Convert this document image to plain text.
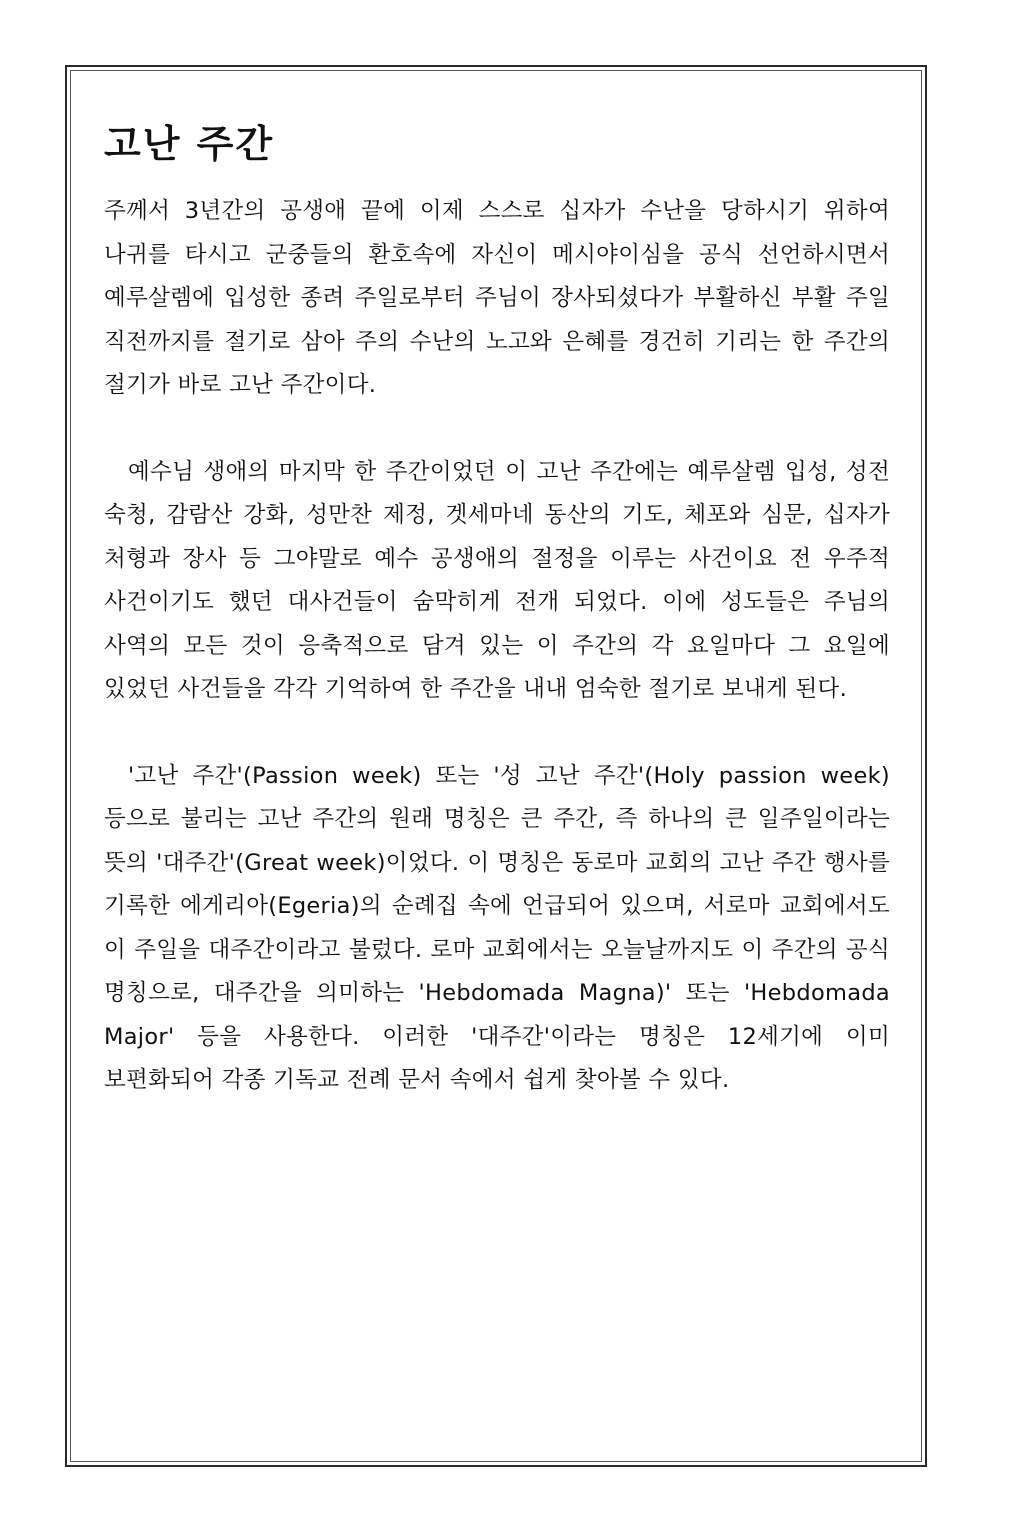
고난 주간

주께서 3년간의 공생애 끝에 이제 스스로 십자가 수난을 당하시기 위하여 나귀를 타시고 군중들의 환호속에 자신이 메시야이심을 공식 선언하시면서 예루살렘에 입성한 종려 주일로부터 주님이 장사되셨다가 부활하신 부활 주일 직전까지를 절기로 삼아 주의 수난의 노고와 은혜를 경건히 기리는 한 주간의 절기가 바로 고난 주간이다.

예수님 생애의 마지막 한 주간이었던 이 고난 주간에는 예루살렘 입성, 성전 숙청, 감람산 강화, 성만찬 제정, 겟세마네 동산의 기도, 체포와 심문, 십자가 처형과 장사 등 그야말로 예수 공생애의 절정을 이루는 사건이요 전 우주적 사건이기도 했던 대사건들이 숨막히게 전개 되었다. 이에 성도들은 주님의 사역의 모든 것이 응축적으로 담겨 있는 이 주간의 각 요일마다 그 요일에 있었던 사건들을 각각 기억하여 한 주간을 내내 엄숙한 절기로 보내게 된다.

'고난 주간'(Passion week) 또는 '성 고난 주간'(Holy passion week) 등으로 불리는 고난 주간의 원래 명칭은 큰 주간, 즉 하나의 큰 일주일이라는 뜻의 '대주간'(Great week)이었다. 이 명칭은 동로마 교회의 고난 주간 행사를 기록한 에게리아(Egeria)의 순례집 속에 언급되어 있으며, 서로마 교회에서도 이 주일을 대주간이라고 불렀다. 로마 교회에서는 오늘날까지도 이 주간의 공식 명칭으로, 대주간을 의미하는 'Hebdomada Magna)' 또는 'Hebdomada Major' 등을 사용한다. 이러한 '대주간'이라는 명칭은 12세기에 이미 보편화되어 각종 기독교 전례 문서 속에서 쉽게 찾아볼 수 있다.
